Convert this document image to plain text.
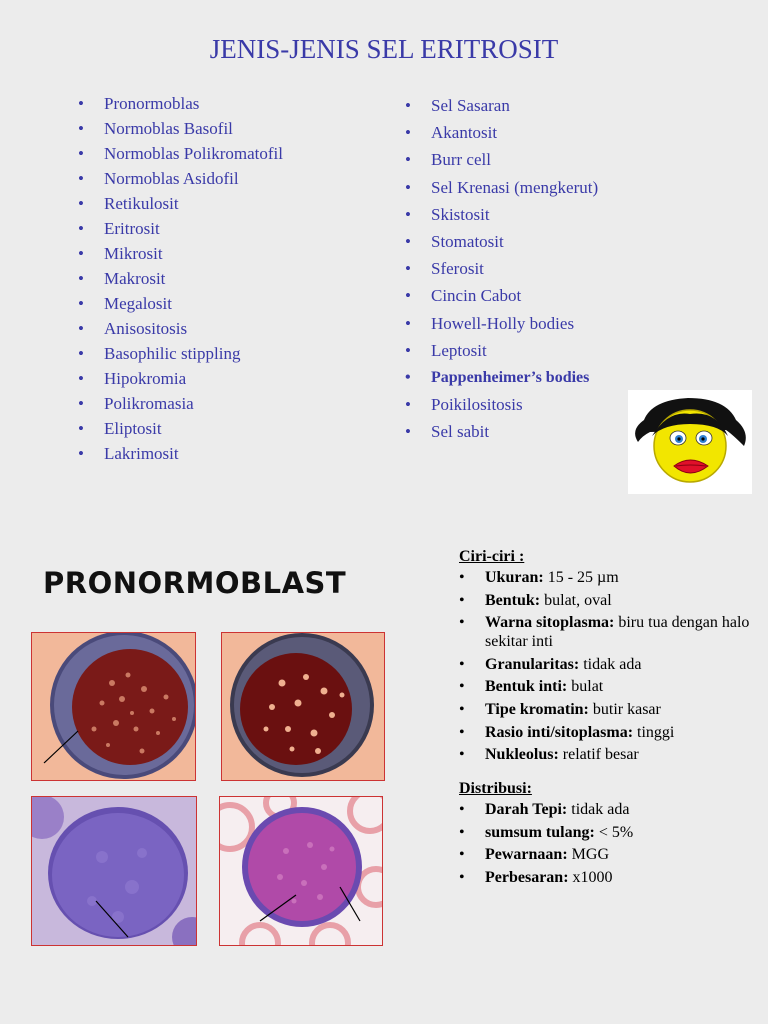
JENIS-JENIS SEL ERITROSIT
• Pronormoblas
• Normoblas Basofil
• Normoblas Polikromatofil
• Normoblas Asidofil
• Retikulosit
• Eritrosit
• Mikrosit
• Makrosit
• Megalosit
• Anisositosis
• Basophilic stippling
• Hipokromia
• Polikromasia
• Eliptosit
• Lakrimosit
• Sel Sasaran
• Akantosit
• Burr cell
• Sel Krenasi (mengkerut)
• Skistosit
• Stomatosit
• Sferosit
• Cincin Cabot
• Howell-Holly bodies
• Leptosit
• Pappenheimer’s bodies
• Poikilositosis
• Sel sabit
PRONORMOBLAST
Ciri-ciri :
• Ukuran: 15 - 25 µm
• Bentuk: bulat, oval
• Warna sitoplasma: biru tua dengan halo sekitar inti
• Granularitas: tidak ada
• Bentuk inti: bulat
• Tipe kromatin: butir kasar
• Rasio inti/sitoplasma: tinggi
• Nukleolus: relatif besar
Distribusi:
• Darah Tepi: tidak ada
• sumsum tulang: < 5%
• Pewarnaan: MGG
• Perbesaran: x1000
